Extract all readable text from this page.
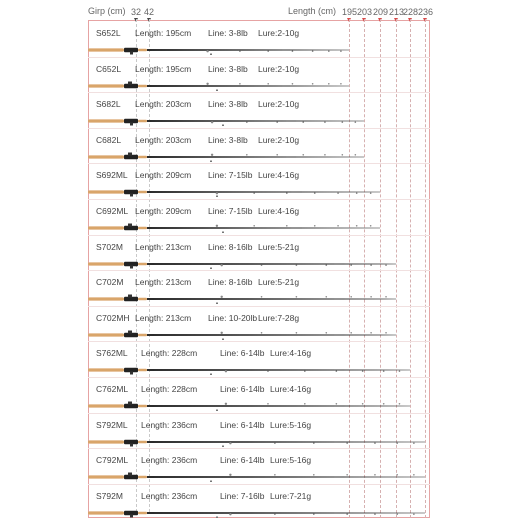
Girp (cm) 32 42	Length (cm) 195 203 209 213
228 236
S652L Length: 195cm Line: 3-8lb Lure:2-10g
C652L Length: 195cm Line: 3-8lb Lure:2-10g
S682L Length: 203cm Line: 3-8lb Lure:2-10g
C682L Length: 203cm Line: 3-8lb Lure:2-10g
S692ML Length: 209cm Line: 7-15lb Lure:4-16g
C692ML Length: 209cm Line: 7-15lb Lure:4-16g
S702M Length: 213cm Line: 8-16lb Lure:5-21g
C702M Length: 213cm Line: 8-16lb Lure:5-21g
C702MH Length: 213cm Line: 10-20lb Lure:7-28g
S762ML Length: 228cm	Line: 6-14lb Lure:4-16g
C762ML Length: 228cm	Line: 6-14lb Lure:4-16g
S792ML Length: 236cm	Line: 6-14lb Lure:5-16g
C792ML Length: 236cm	Line: 6-14lb Lure:5-16g
S792M Length: 236cm	Line: 7-16lb Lure:7-21g
